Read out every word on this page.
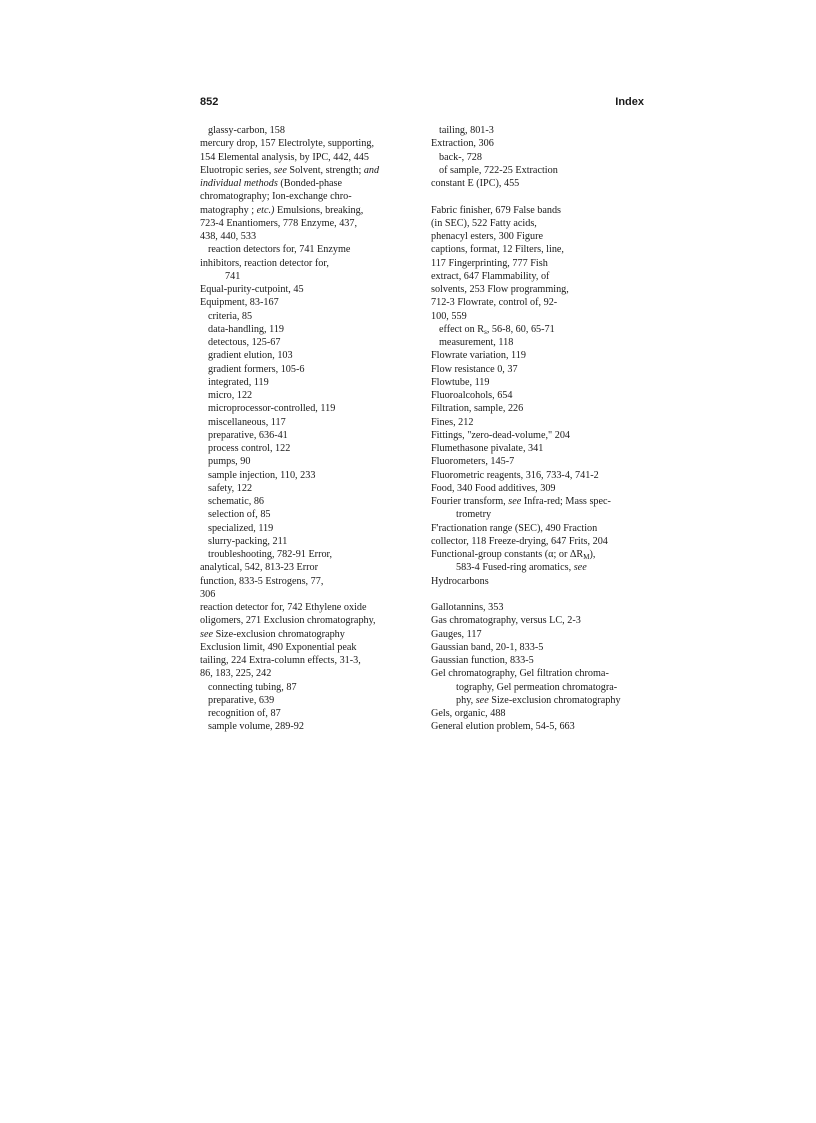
852	Index
glassy-carbon, 158
mercury drop, 157 Electrolyte, supporting,
154 Elemental analysis, by IPC, 442, 445
Eluotropic series, see Solvent, strength; and
individual methods (Bonded-phase
chromatography; Ion-exchange chro-
matography ; etc.) Emulsions, breaking,
723-4 Enantiomers, 778 Enzyme, 437,
438, 440, 533
reaction detectors for, 741 Enzyme
inhibitors, reaction detector for,
741
Equal-purity-cutpoint, 45
Equipment, 83-167
criteria, 85
data-handling, 119
detectous, 125-67
gradient elution, 103
gradient formers, 105-6
integrated, 119
micro, 122
microprocessor-controlled, 119
miscellaneous, 117
preparative, 636-41
process control, 122
pumps, 90
sample injection, 110, 233
safety, 122
schematic, 86
selection of, 85
specialized, 119
slurry-packing, 211
troubleshooting, 782-91 Error,
analytical, 542, 813-23 Error
function, 833-5 Estrogens, 77,
306
reaction detector for, 742 Ethylene oxide
oligomers, 271 Exclusion chromatography,
see Size-exclusion chromatography
Exclusion limit, 490 Exponential peak
tailing, 224 Extra-column effects, 31-3,
86, 183, 225, 242
connecting tubing, 87
preparative, 639
recognition of, 87
sample volume, 289-92
tailing, 801-3
Extraction, 306
back-, 728
of sample, 722-25 Extraction
constant E (IPC), 455
Fabric finisher, 679 False bands
(in SEC), 522 Fatty acids,
phenacyl esters, 300 Figure
captions, format, 12 Filters, line,
117 Fingerprinting, 777 Fish
extract, 647 Flammability, of
solvents, 253 Flow programming,
712-3 Flowrate, control of, 92-
100, 559
effect on $R_s$, 56-8, 60, 65-71
measurement, 118
Flowrate variation, 119
Flow resistance 0, 37
Flowtube, 119
Fluoroalcohols, 654
Filtration, sample, 226
Fines, 212
Fittings, "zero-dead-volume," 204
Flumethasone pivalate, 341
Fluorometers, 145-7
Fluorometric reagents, 316, 733-4, 741-2
Food, 340 Food additives, 309
Fourier transform, see Infra-red; Mass spec-
trometry
F'ractionation range (SEC), 490 Fraction
collector, 118 Freeze-drying, 647 Frits, 204
Functional-group constants (α; or $\Delta R_M$),
583-4 Fused-ring aromatics, see
Hydrocarbons
Gallotannins, 353
Gas chromatography, versus LC, 2-3
Gauges, 117
Gaussian band, 20-1, 833-5
Gaussian function, 833-5
Gel chromatography, Gel filtration chroma-
tography, Gel permeation chromatogra-
phy, see Size-exclusion chromatography
Gels, organic, 488
General elution problem, 54-5, 663
